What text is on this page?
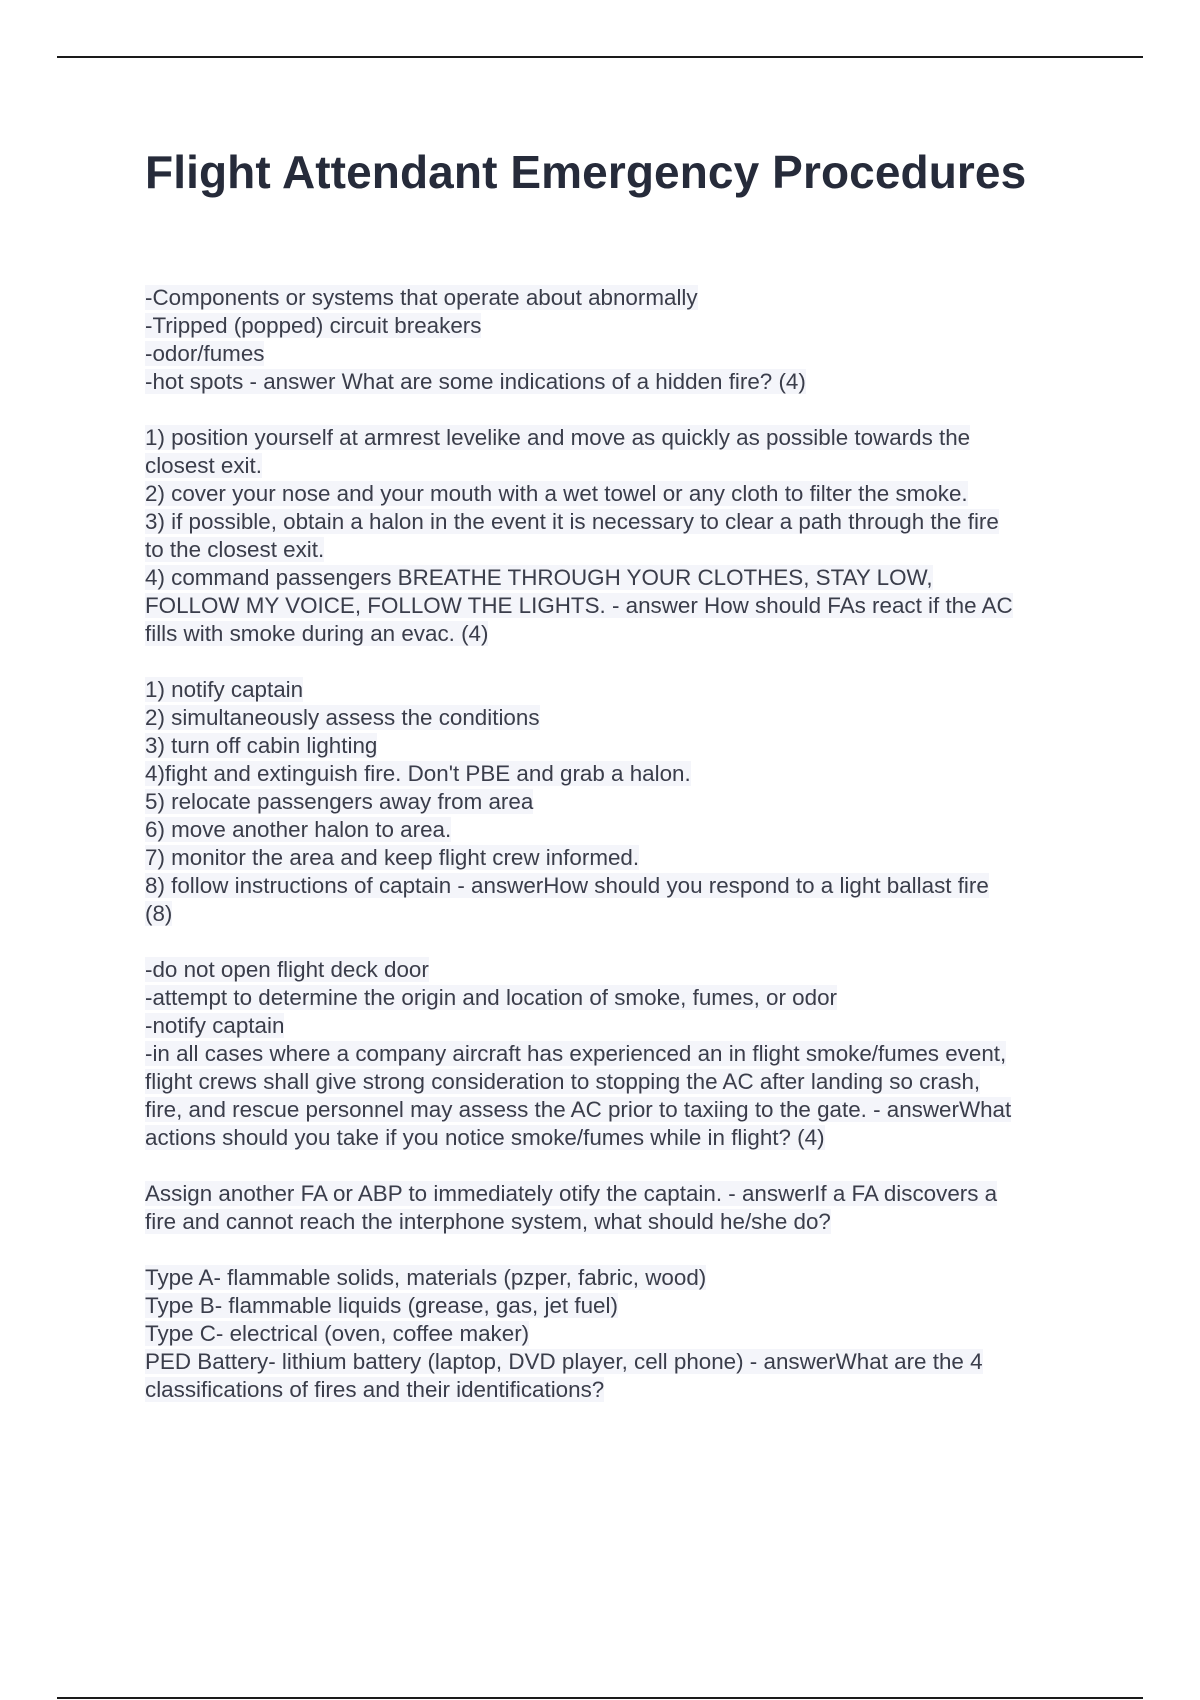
Flight Attendant Emergency Procedures
-Components or systems that operate about abnormally
-Tripped (popped) circuit breakers
-odor/fumes
-hot spots - answer What are some indications of a hidden fire? (4)
1) position yourself at armrest levelike and move as quickly as possible towards the
closest exit.
2) cover your nose and your mouth with a wet towel or any cloth to filter the smoke.
3) if possible, obtain a halon in the event it is necessary to clear a path through the fire
to the closest exit.
4) command passengers BREATHE THROUGH YOUR CLOTHES, STAY LOW,
FOLLOW MY VOICE, FOLLOW THE LIGHTS. - answer How should FAs react if the AC
fills with smoke during an evac. (4)
1) notify captain
2) simultaneously assess the conditions
3) turn off cabin lighting
4)fight and extinguish fire. Don't PBE and grab a halon.
5) relocate passengers away from area
6) move another halon to area.
7) monitor the area and keep flight crew informed.
8) follow instructions of captain - answerHow should you respond to a light ballast fire
(8)
-do not open flight deck door
-attempt to determine the origin and location of smoke, fumes, or odor
-notify captain
-in all cases where a company aircraft has experienced an in flight smoke/fumes event,
flight crews shall give strong consideration to stopping the AC after landing so crash,
fire, and rescue personnel may assess the AC prior to taxiing to the gate. - answerWhat
actions should you take if you notice smoke/fumes while in flight? (4)
Assign another FA or ABP to immediately otify the captain. - answerIf a FA discovers a
fire and cannot reach the interphone system, what should he/she do?
Type A- flammable solids, materials (pzper, fabric, wood)
Type B- flammable liquids (grease, gas, jet fuel)
Type C- electrical (oven, coffee maker)
PED Battery- lithium battery (laptop, DVD player, cell phone) - answerWhat are the 4
classifications of fires and their identifications?
